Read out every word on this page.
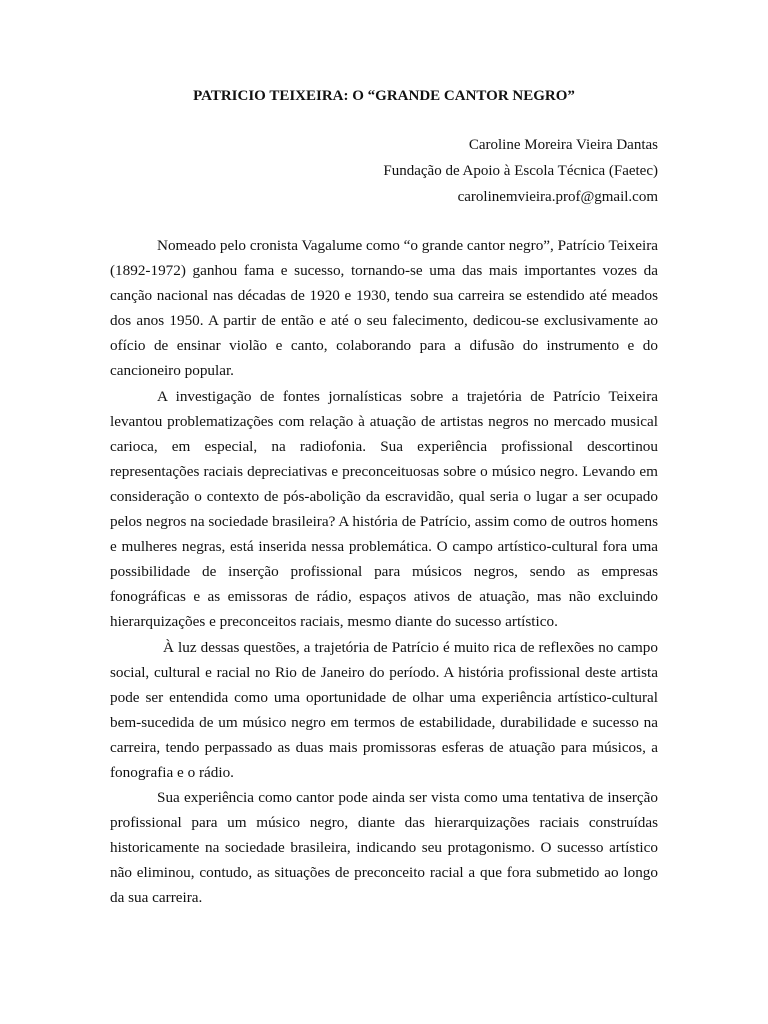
PATRICIO TEIXEIRA: O “GRANDE CANTOR NEGRO”
Caroline Moreira Vieira Dantas
Fundação de Apoio à Escola Técnica (Faetec)
carolinemvieira.prof@gmail.com

Nomeado pelo cronista Vagalume como “o grande cantor negro”, Patrício Teixeira (1892-1972) ganhou fama e sucesso, tornando-se uma das mais importantes vozes da canção nacional nas décadas de 1920 e 1930, tendo sua carreira se estendido até meados dos anos 1950. A partir de então e até o seu falecimento, dedicou-se exclusivamente ao ofício de ensinar violão e canto, colaborando para a difusão do instrumento e do cancioneiro popular.

A investigação de fontes jornalísticas sobre a trajetória de Patrício Teixeira levantou problematizações com relação à atuação de artistas negros no mercado musical carioca, em especial, na radiofonia. Sua experiência profissional descortinou representações raciais depreciativas e preconceituosas sobre o músico negro. Levando em consideração o contexto de pós-abolição da escravidão, qual seria o lugar a ser ocupado pelos negros na sociedade brasileira? A história de Patrício, assim como de outros homens e mulheres negras, está inserida nessa problemática. O campo artístico-cultural fora uma possibilidade de inserção profissional para músicos negros, sendo as empresas fonográficas e as emissoras de rádio, espaços ativos de atuação, mas não excluindo hierarquizações e preconceitos raciais, mesmo diante do sucesso artístico.

À luz dessas questões, a trajetória de Patrício é muito rica de reflexões no campo social, cultural e racial no Rio de Janeiro do período. A história profissional deste artista pode ser entendida como uma oportunidade de olhar uma experiência artístico-cultural bem-sucedida de um músico negro em termos de estabilidade, durabilidade e sucesso na carreira, tendo perpassado as duas mais promissoras esferas de atuação para músicos, a fonografia e o rádio.

Sua experiência como cantor pode ainda ser vista como uma tentativa de inserção profissional para um músico negro, diante das hierarquizações raciais construídas historicamente na sociedade brasileira, indicando seu protagonismo. O sucesso artístico não eliminou, contudo, as situações de preconceito racial a que fora submetido ao longo da sua carreira.
